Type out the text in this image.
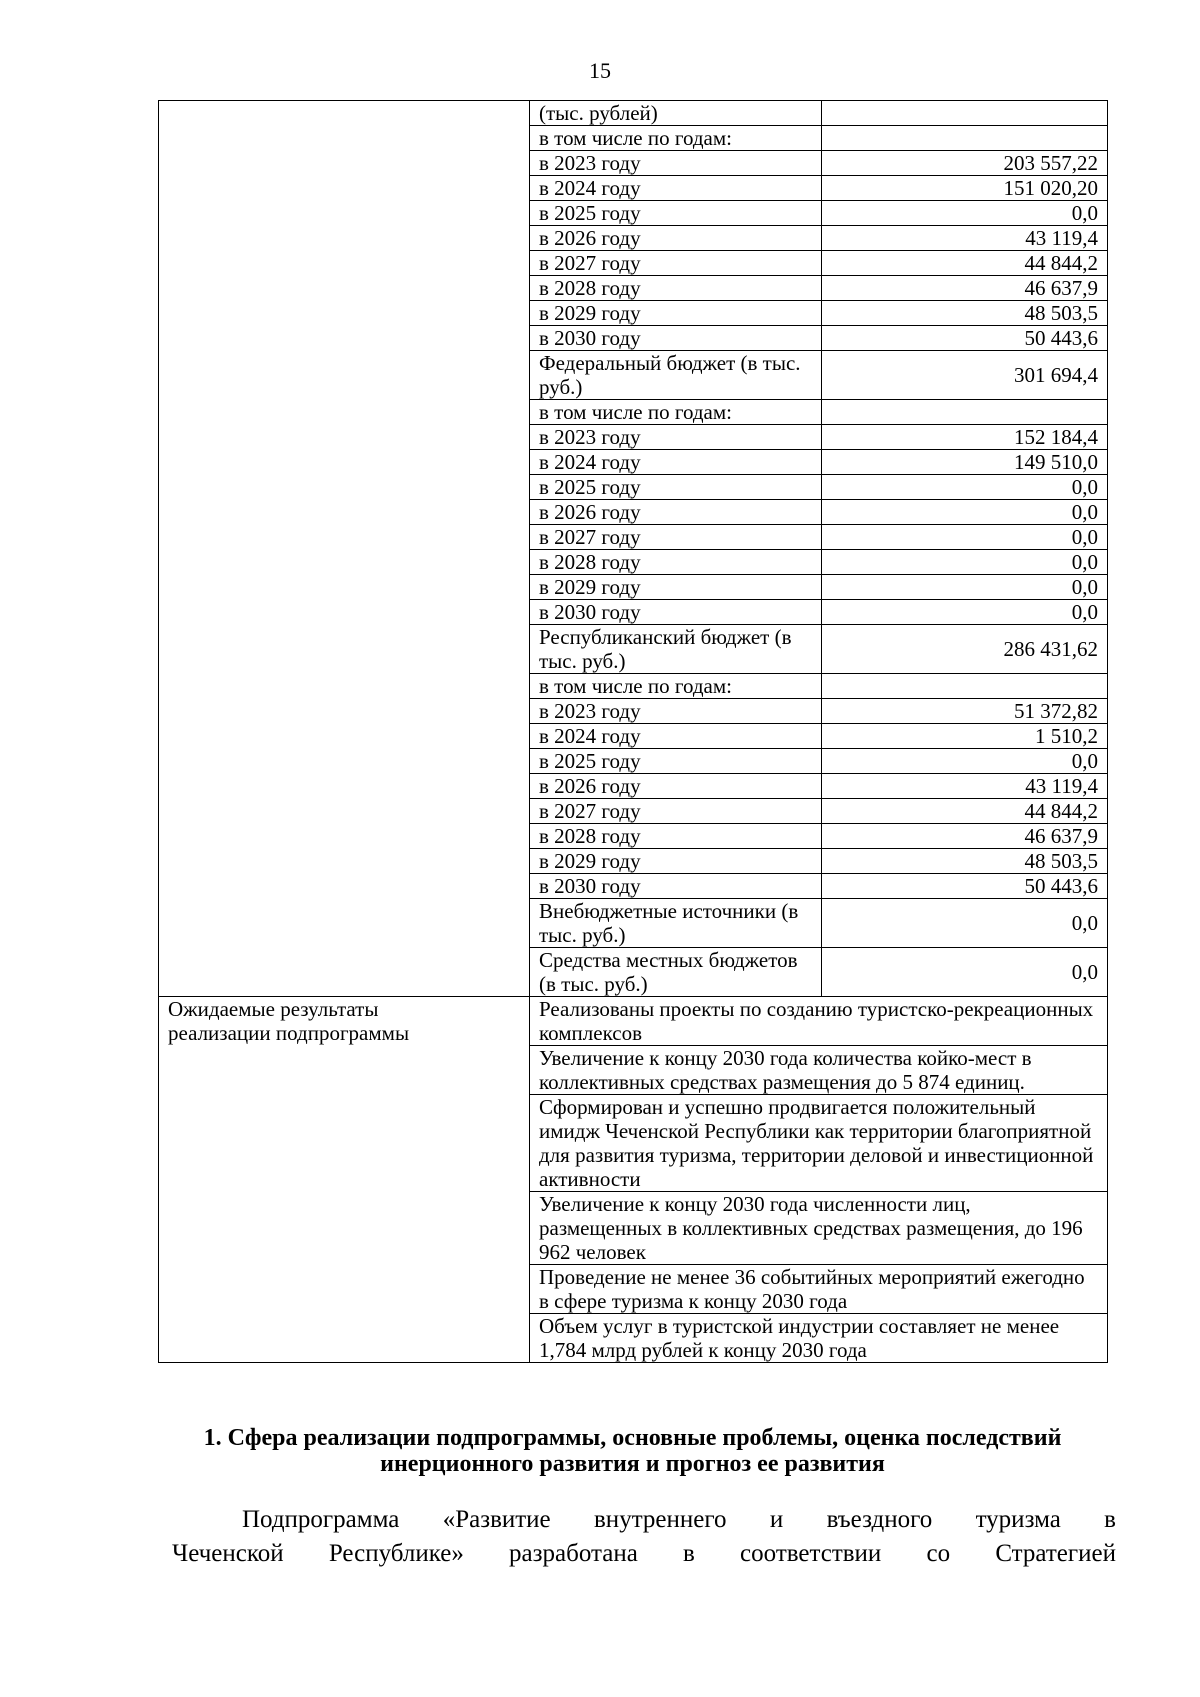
15
	(тыс. рублей)	
	в том числе по годам:	
	в 2023 году	203 557,22
	в 2024 году	151 020,20
	в 2025 году	0,0
	в 2026 году	43 119,4
	в 2027 году	44 844,2
	в 2028 году	46 637,9
	в 2029 году	48 503,5
	в 2030 году	50 443,6
	Федеральный бюджет (в тыс. руб.)	301 694,4
	в том числе по годам:	
	в 2023 году	152 184,4
	в 2024 году	149 510,0
	в 2025 году	0,0
	в 2026 году	0,0
	в 2027 году	0,0
	в 2028 году	0,0
	в 2029 году	0,0
	в 2030 году	0,0
	Республиканский бюджет (в тыс. руб.)	286 431,62
	в том числе по годам:	
	в 2023 году	51 372,82
	в 2024 году	1 510,2
	в 2025 году	0,0
	в 2026 году	43 119,4
	в 2027 году	44 844,2
	в 2028 году	46 637,9
	в 2029 году	48 503,5
	в 2030 году	50 443,6
	Внебюджетные источники (в тыс. руб.)	0,0
	Средства местных бюджетов (в тыс. руб.)	0,0
Ожидаемые результаты реализации подпрограммы	Реализованы проекты по созданию туристско-рекреационных комплексов	
	Увеличение к концу 2030 года количества койко-мест в коллективных средствах размещения до 5 874 единиц.	
	Сформирован и успешно продвигается положительный имидж Чеченской Республики как территории благоприятной для развития туризма, территории деловой и инвестиционной активности	
	Увеличение к концу 2030 года численности лиц, размещенных в коллективных средствах размещения, до 196 962 человек	
	Проведение не менее 36 событийных мероприятий ежегодно в сфере туризма к концу 2030 года	
	Объем услуг в туристской индустрии составляет не менее 1,784 млрд рублей к концу 2030 года	
1. Сфера реализации подпрограммы, основные проблемы, оценка последствий инерционного развития и прогноз ее развития
Подпрограмма «Развитие внутреннего и въездного туризма в
Чеченской Республике» разработана в соответствии со Стратегией
